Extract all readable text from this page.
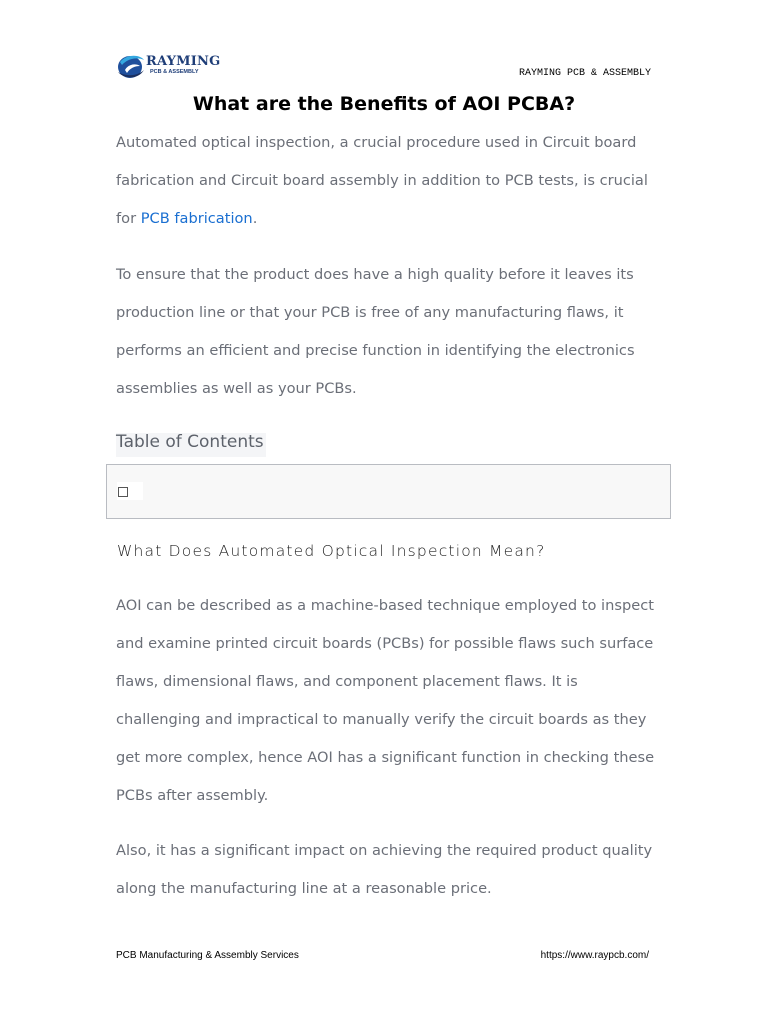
RAYMING
PCB & ASSEMBLY	RAYMING PCB & ASSEMBLY
What are the Benefits of AOI PCBA?

Automated optical inspection, a crucial procedure used in Circuit board fabrication and Circuit board assembly in addition to PCB tests, is crucial for PCB fabrication.

To ensure that the product does have a high quality before it leaves its production line or that your PCB is free of any manufacturing flaws, it performs an efficient and precise function in identifying the electronics assemblies as well as your PCBs.

Table of Contents
What Does Automated Optical Inspection Mean?

AOI can be described as a machine-based technique employed to inspect and examine printed circuit boards (PCBs) for possible flaws such surface flaws, dimensional flaws, and component placement flaws. It is challenging and impractical to manually verify the circuit boards as they get more complex, hence AOI has a significant function in checking these PCBs after assembly.

Also, it has a significant impact on achieving the required product quality along the manufacturing line at a reasonable price.

PCB Manufacturing & Assembly Services	https://www.raypcb.com/
